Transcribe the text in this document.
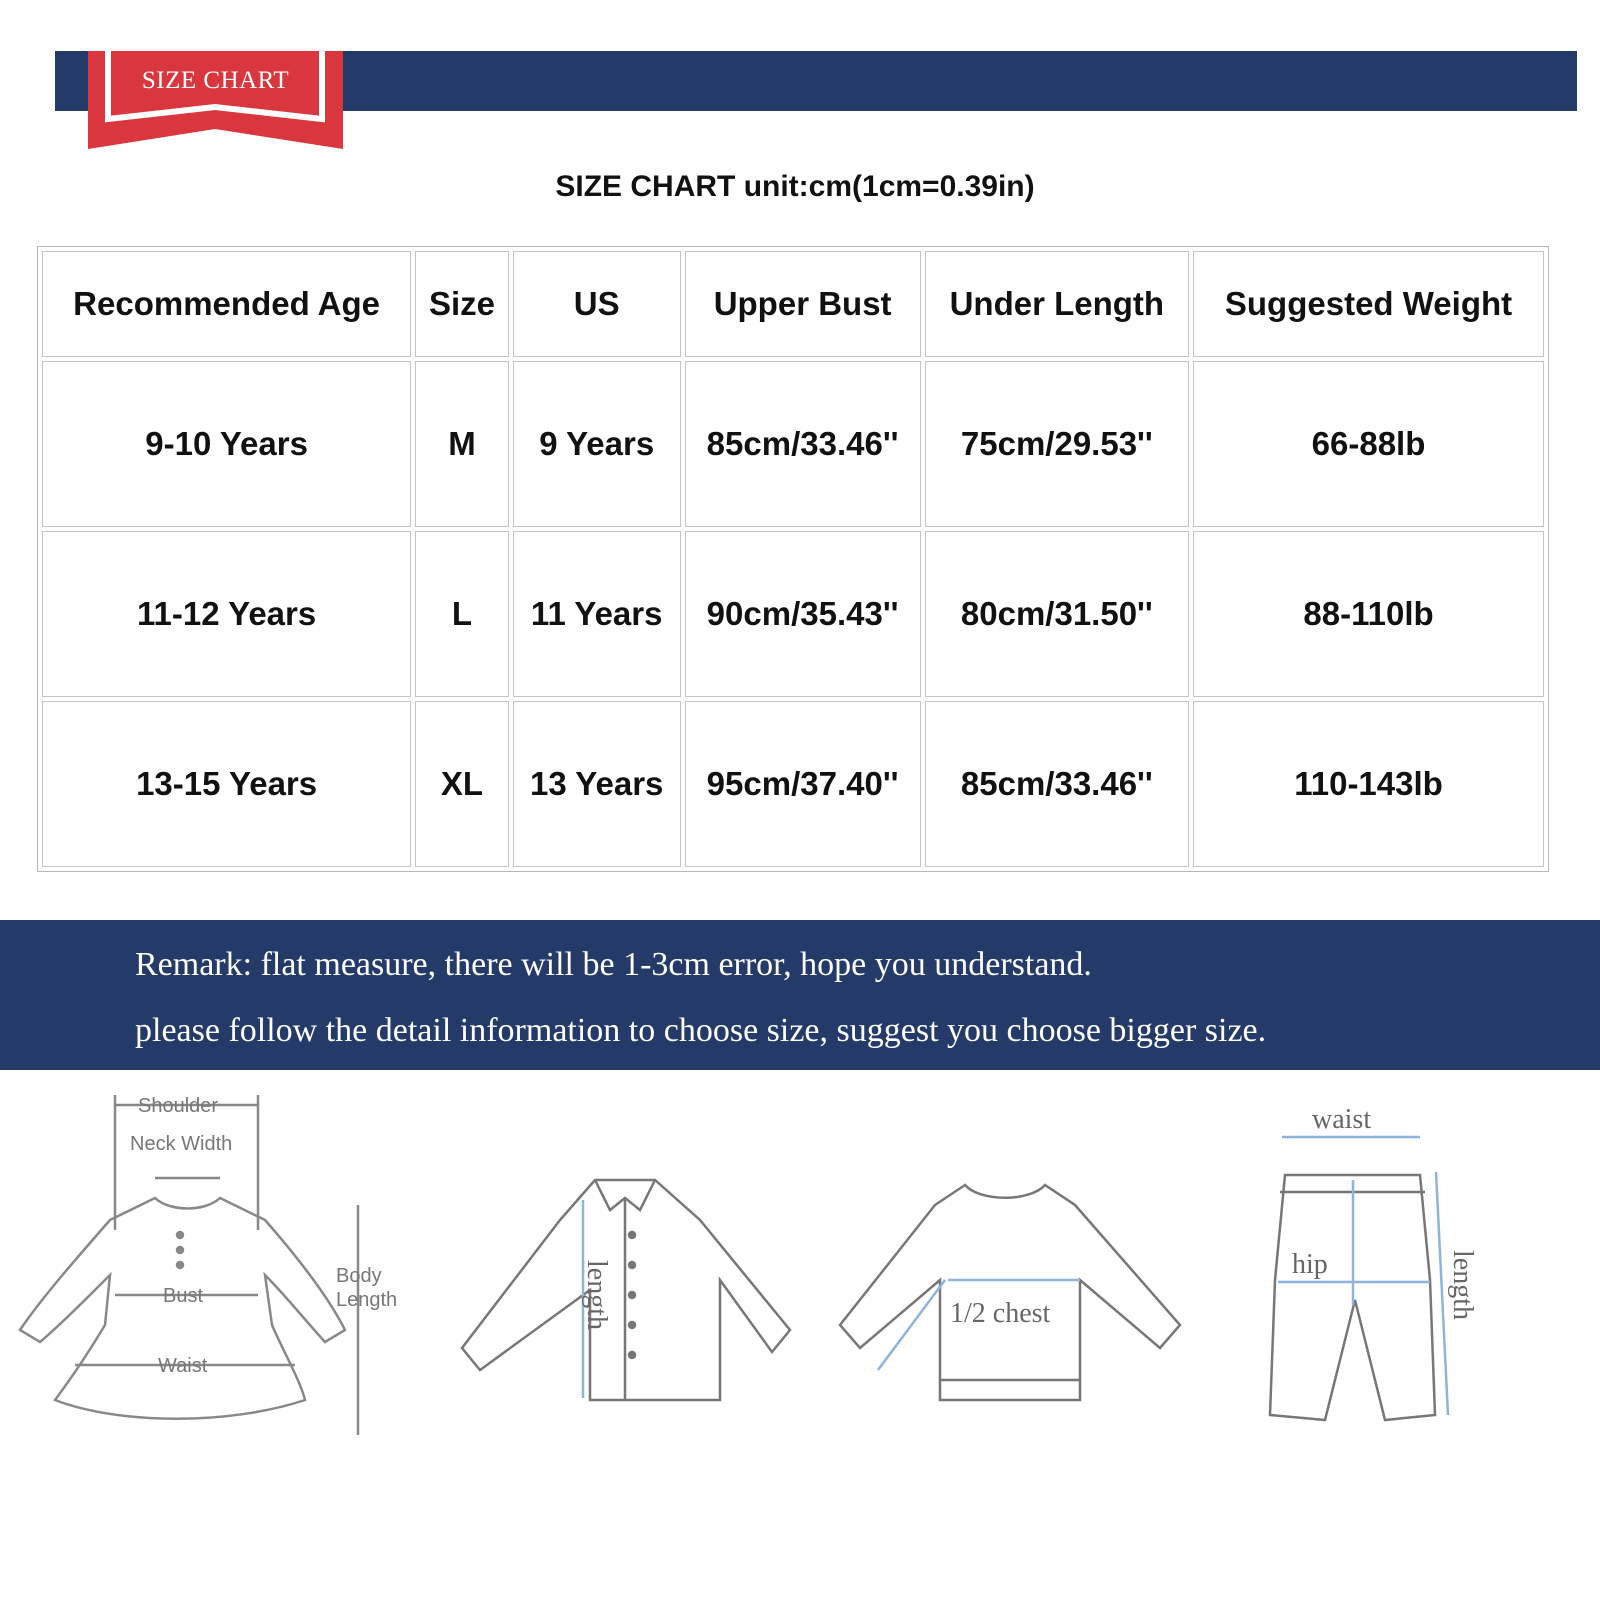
SIZE CHART
SIZE CHART unit:cm(1cm=0.39in)
Recommended Age	Size	US	Upper Bust	Under Length	Suggested Weight
9-10 Years	M	9 Years	85cm/33.46''	75cm/29.53''	66-88lb
11-12 Years	L	11 Years	90cm/35.43''	80cm/31.50''	88-110lb
13-15 Years	XL	13 Years	95cm/37.40''	85cm/33.46''	110-143lb
Remark: flat measure, there will be 1-3cm error, hope you understand.
please follow the detail information to choose size, suggest you choose bigger size.
Shoulder
Neck Width
Bust
Waist
Body
Length	length	1/2 chest
waist
hip	length
